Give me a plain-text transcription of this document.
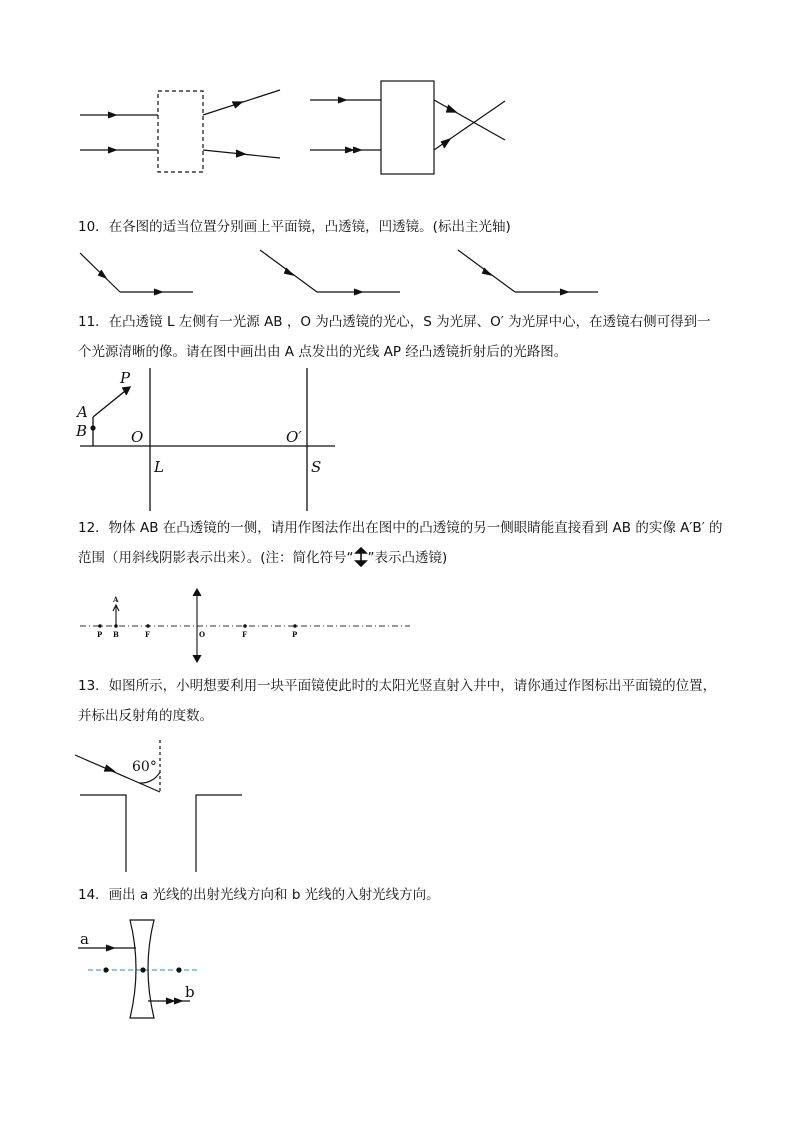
10．在各图的适当位置分别画上平面镜，凸透镜，凹透镜。(标出主光轴)
11．在凸透镜 L 左侧有一光源 AB ，O 为凸透镜的光心，S 为光屏、O′ 为光屏中心，在透镜右侧可得到一
个光源清晰的像。请在图中画出由 A 点发出的光线 AP 经凸透镜折射后的光路图。
P
A
B	O	O′
L	S
12．物体 AB 在凸透镜的一侧，请用作图法作出在图中的凸透镜的另一侧眼睛能直接看到 AB 的实像 A′B′ 的
范围（用斜线阴影表示出来）。(注：简化符号“ ”表示凸透镜)
A
P B	F	O	F	P
13．如图所示，小明想要利用一块平面镜使此时的太阳光竖直射入井中，请你通过作图标出平面镜的位置，
并标出反射角的度数。
60°
14．画出 a 光线的出射光线方向和 b 光线的入射光线方向。
a
b
